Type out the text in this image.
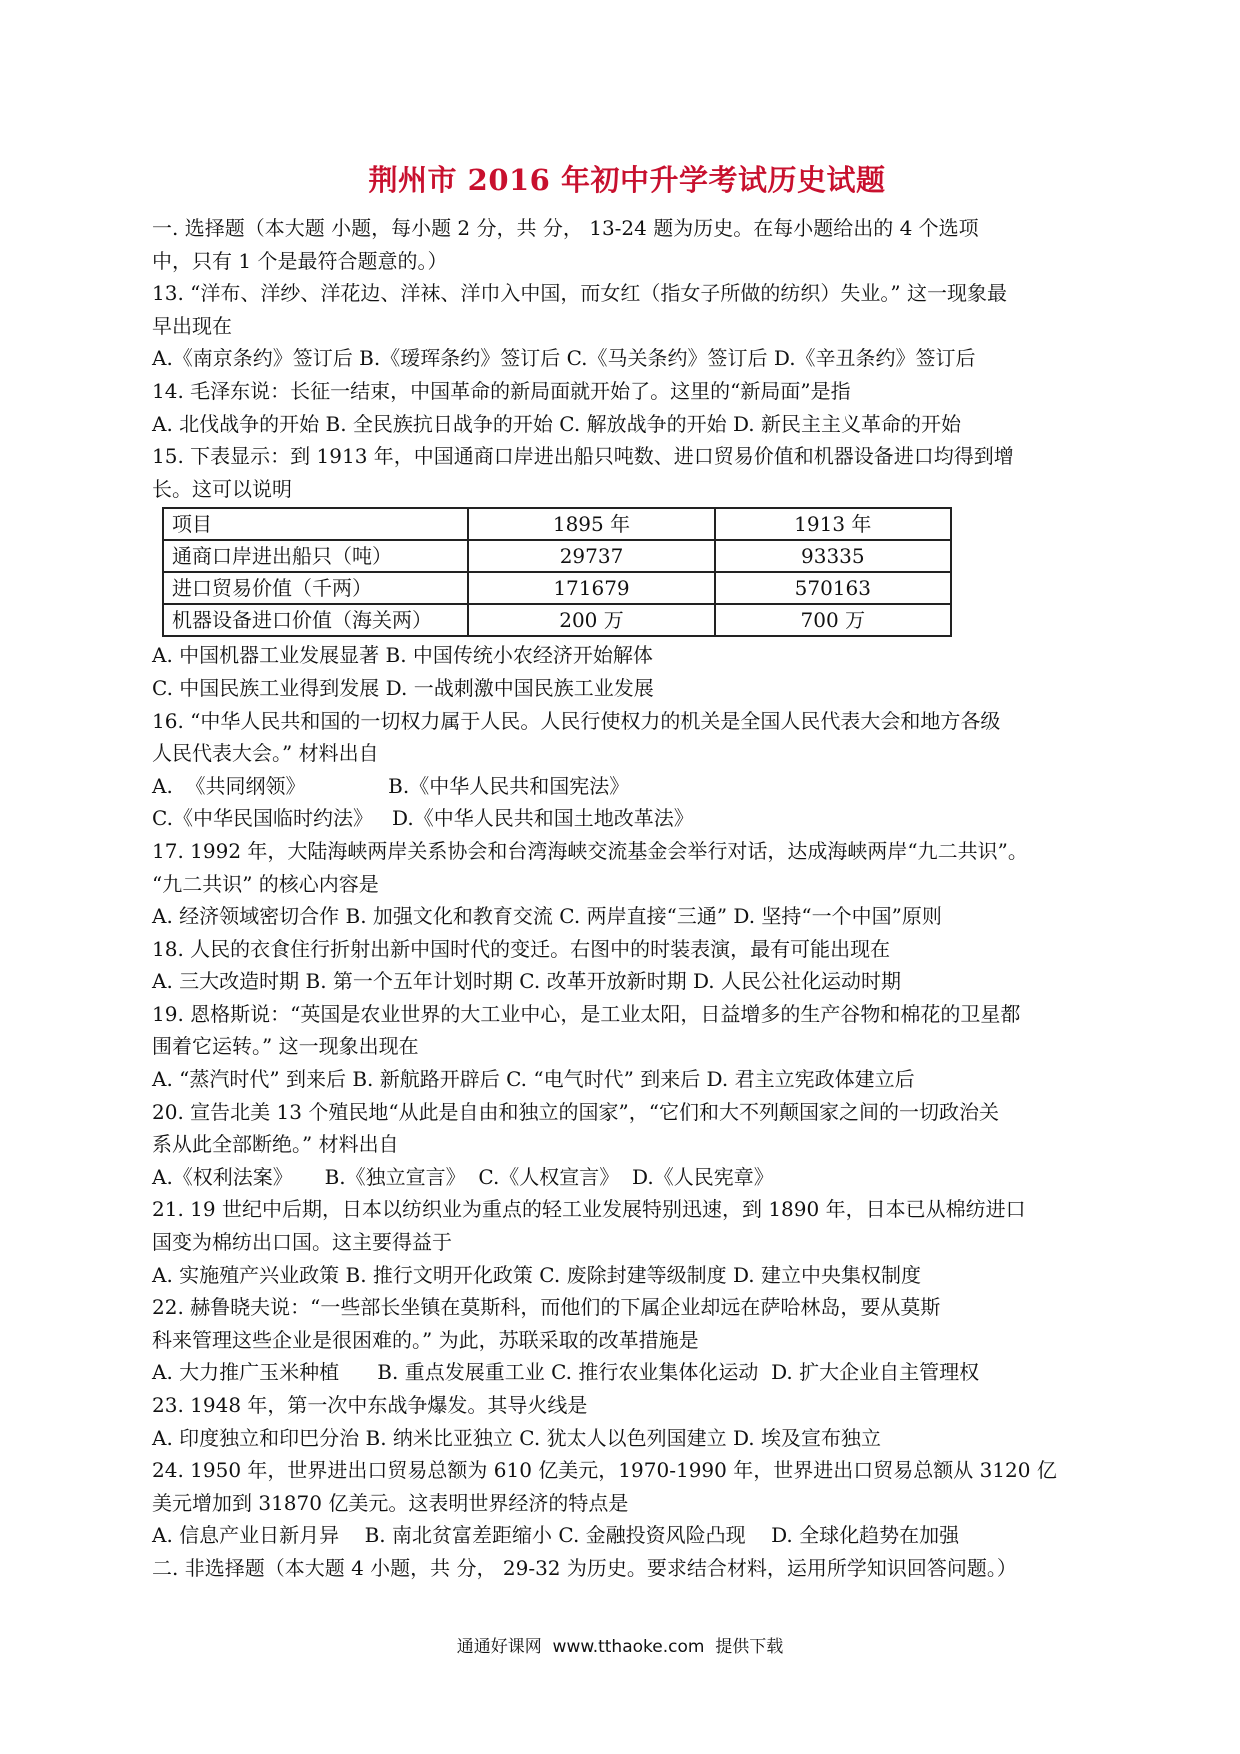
荆州市 2016 年初中升学考试历史试题

一. 选择题（本大题 小题，每小题 2 分，共 分， 13-24 题为历史。在每小题给出的 4 个选项

中，只有 1 个是最符合题意的。）

13. “洋布、洋纱、洋花边、洋袜、洋巾入中国，而女红（指女子所做的纺织）失业。” 这一现象最

早出现在

A.《南京条约》签订后 B.《瑷珲条约》签订后 C.《马关条约》签订后 D.《辛丑条约》签订后

14. 毛泽东说：长征一结束，中国革命的新局面就开始了。这里的“新局面”是指

A. 北伐战争的开始 B. 全民族抗日战争的开始 C. 解放战争的开始 D. 新民主主义革命的开始

15. 下表显示：到 1913 年，中国通商口岸进出船只吨数、进口贸易价值和机器设备进口均得到增

长。这可以说明

项目	1895 年	1913 年
通商口岸进出船只（吨）	29737	93335
进口贸易价值（千两）	171679	570163
机器设备进口价值（海关两）	200 万	700 万

A. 中国机器工业发展显著 B. 中国传统小农经济开始解体

C. 中国民族工业得到发展 D. 一战刺激中国民族工业发展

16. “中华人民共和国的一切权力属于人民。人民行使权力的机关是全国人民代表大会和地方各级

人民代表大会。” 材料出自

A.  《共同纲领》             B.《中华人民共和国宪法》

C.《中华民国临时约法》   D.《中华人民共和国土地改革法》

17. 1992 年，大陆海峡两岸关系协会和台湾海峡交流基金会举行对话，达成海峡两岸“九二共识”。

“九二共识” 的核心内容是

A. 经济领域密切合作 B. 加强文化和教育交流 C. 两岸直接“三通” D. 坚持“一个中国”原则

18. 人民的衣食住行折射出新中国时代的变迁。右图中的时装表演，最有可能出现在

A. 三大改造时期 B. 第一个五年计划时期 C. 改革开放新时期 D. 人民公社化运动时期

19. 恩格斯说：“英国是农业世界的大工业中心，是工业太阳，日益增多的生产谷物和棉花的卫星都

围着它运转。” 这一现象出现在

A. “蒸汽时代” 到来后 B. 新航路开辟后 C. “电气时代” 到来后 D. 君主立宪政体建立后

20. 宣告北美 13 个殖民地“从此是自由和独立的国家”，“它们和大不列颠国家之间的一切政治关

系从此全部断绝。” 材料出自

A.《权利法案》     B.《独立宣言》  C.《人权宣言》  D.《人民宪章》

21. 19 世纪中后期，日本以纺织业为重点的轻工业发展特别迅速，到 1890 年，日本已从棉纺进口

国变为棉纺出口国。这主要得益于

A. 实施殖产兴业政策 B. 推行文明开化政策 C. 废除封建等级制度 D. 建立中央集权制度

22. 赫鲁晓夫说：“一些部长坐镇在莫斯科，而他们的下属企业却远在萨哈林岛，要从莫斯

科来管理这些企业是很困难的。” 为此，苏联采取的改革措施是

A. 大力推广玉米种植      B. 重点发展重工业 C. 推行农业集体化运动  D. 扩大企业自主管理权

23. 1948 年，第一次中东战争爆发。其导火线是

A. 印度独立和印巴分治 B. 纳米比亚独立 C. 犹太人以色列国建立 D. 埃及宣布独立

24. 1950 年，世界进出口贸易总额为 610 亿美元，1970-1990 年，世界进出口贸易总额从 3120 亿

美元增加到 31870 亿美元。这表明世界经济的特点是

A. 信息产业日新月异    B. 南北贫富差距缩小 C. 金融投资风险凸现    D. 全球化趋势在加强

二. 非选择题（本大题 4 小题，共 分， 29-32 为历史。要求结合材料，运用所学知识回答问题。）

通通好课网  www.tthaoke.com  提供下载
